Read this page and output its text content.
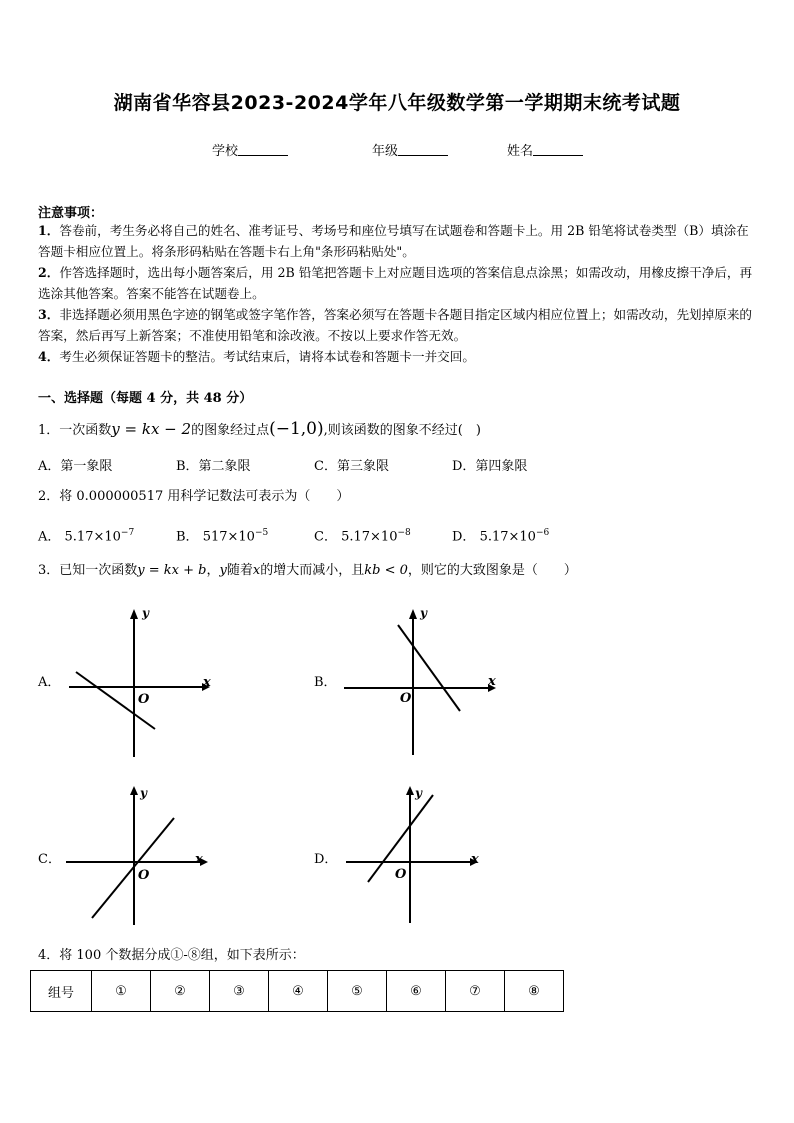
湖南省华容县2023-2024学年八年级数学第一学期期末统考试题
学校	年级	姓名
注意事项：
1．答卷前，考生务必将自己的姓名、准考证号、考场号和座位号填写在试题卷和答题卡上。用 2B 铅笔将试卷类型（B）填涂在答题卡相应位置上。将条形码粘贴在答题卡右上角"条形码粘贴处"。
2．作答选择题时，选出每小题答案后，用 2B 铅笔把答题卡上对应题目选项的答案信息点涂黑；如需改动，用橡皮擦干净后，再选涂其他答案。答案不能答在试题卷上。
3．非选择题必须用黑色字迹的钢笔或签字笔作答，答案必须写在答题卡各题目指定区域内相应位置上；如需改动，先划掉原来的答案，然后再写上新答案；不准使用铅笔和涂改液。不按以上要求作答无效。
4．考生必须保证答题卡的整洁。考试结束后，请将本试卷和答题卡一并交回。
一、选择题（每题 4 分，共 48 分）
1．一次函数y = kx − 2的图象经过点(−1,0),则该函数的图象不经过(　)
A．第一象限	B．第二象限	C．第三象限	D．第四象限
2．将 0.000000517 用科学记数法可表示为（　　）
A． $5.17\times 10^{-7}$	B． $517\times 10^{-5}$	C． $5.17\times 10^{-8}$	D． $5.17\times 10^{-6}$
3．已知一次函数y = kx + b，y随着x的增大而减小，且kb < 0，则它的大致图象是（　　）
A．	B．
C．	D．
y
x
O
y
x
O
y
x
O
y
x
O
4．将 100 个数据分成①-⑧组，如下表所示：
组号	①	②	③	④	⑤	⑥	⑦	⑧
